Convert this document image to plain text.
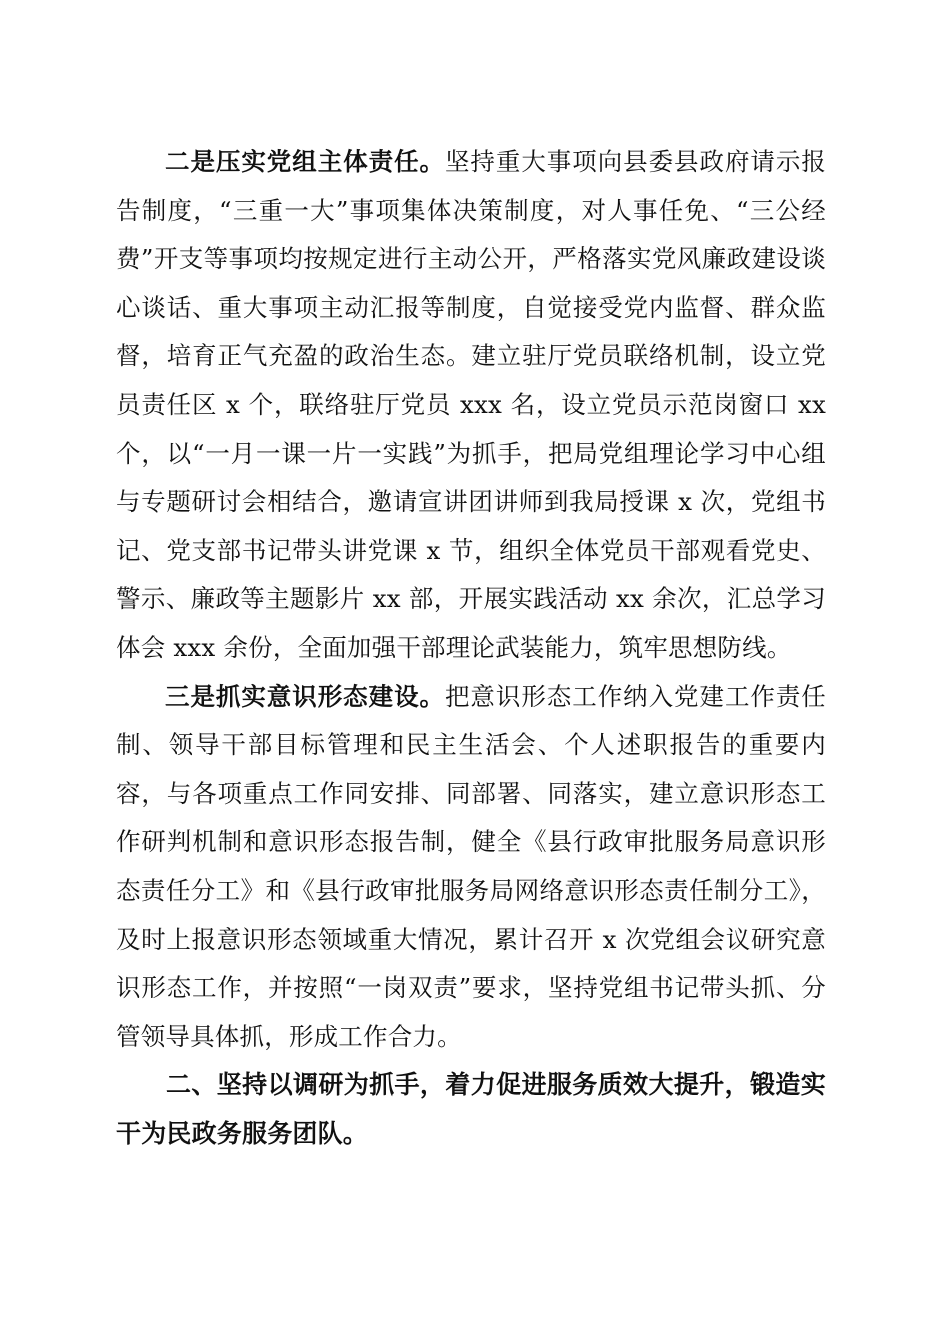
二是压实党组主体责任。坚持重大事项向县委县政府请示报告制度，“三重一大”事项集体决策制度，对人事任免、“三公经费”开支等事项均按规定进行主动公开，严格落实党风廉政建设谈心谈话、重大事项主动汇报等制度，自觉接受党内监督、群众监督，培育正气充盈的政治生态。建立驻厅党员联络机制，设立党员责任区 x 个，联络驻厅党员 xxx 名，设立党员示范岗窗口 xx 个，以“一月一课一片一实践”为抓手，把局党组理论学习中心组与专题研讨会相结合，邀请宣讲团讲师到我局授课 x 次，党组书记、党支部书记带头讲党课 x 节，组织全体党员干部观看党史、警示、廉政等主题影片 xx 部，开展实践活动 xx 余次，汇总学习体会 xxx 余份，全面加强干部理论武装能力，筑牢思想防线。

三是抓实意识形态建设。把意识形态工作纳入党建工作责任制、领导干部目标管理和民主生活会、个人述职报告的重要内容，与各项重点工作同安排、同部署、同落实，建立意识形态工作研判机制和意识形态报告制，健全《县行政审批服务局意识形态责任分工》和《县行政审批服务局网络意识形态责任制分工》，及时上报意识形态领域重大情况，累计召开 x 次党组会议研究意识形态工作，并按照“一岗双责”要求，坚持党组书记带头抓、分管领导具体抓，形成工作合力。

二、坚持以调研为抓手，着力促进服务质效大提升，锻造实干为民政务服务团队。
